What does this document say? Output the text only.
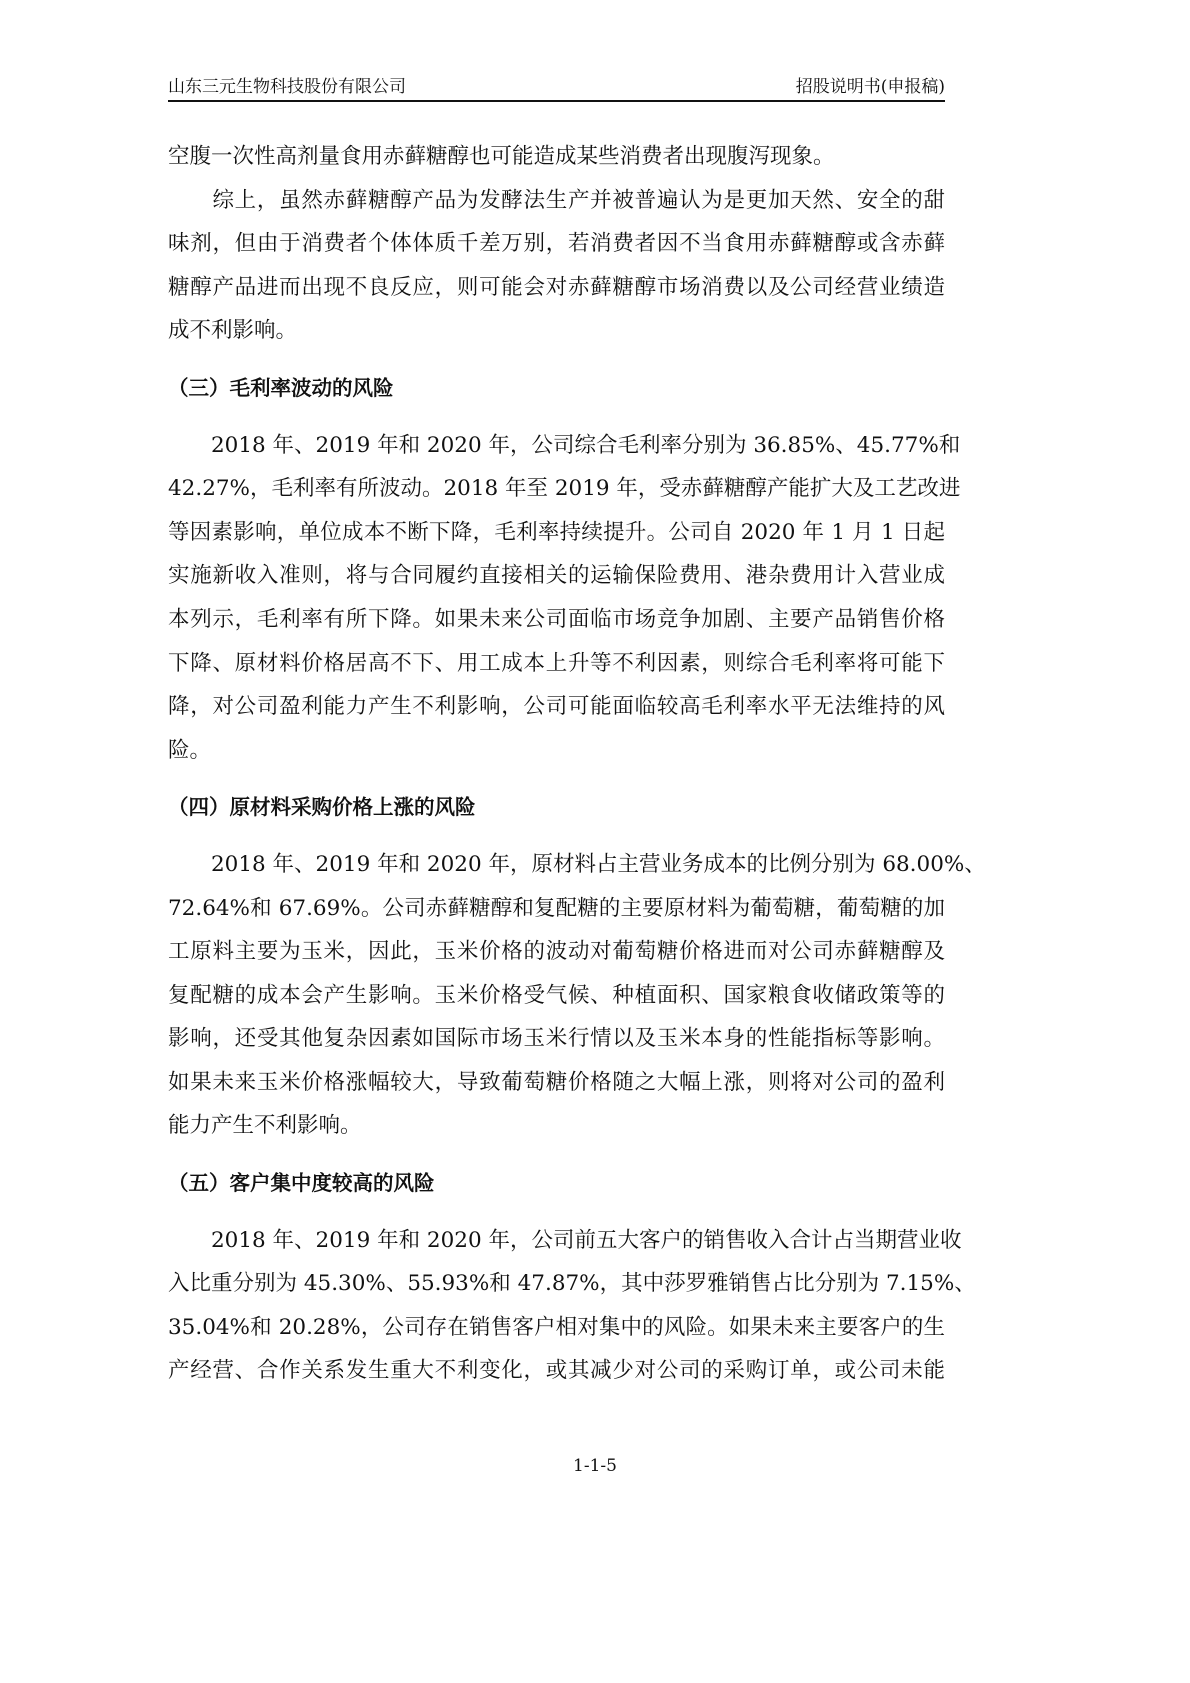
山东三元生物科技股份有限公司	招股说明书(申报稿)
空腹一次性高剂量食用赤藓糖醇也可能造成某些消费者出现腹泻现象。
　　综上，虽然赤藓糖醇产品为发酵法生产并被普遍认为是更加天然、安全的甜
味剂，但由于消费者个体体质千差万别，若消费者因不当食用赤藓糖醇或含赤藓
糖醇产品进而出现不良反应，则可能会对赤藓糖醇市场消费以及公司经营业绩造
成不利影响。
（三）毛利率波动的风险
　　2018 年、2019 年和 2020 年，公司综合毛利率分别为 36.85%、45.77%和
42.27%，毛利率有所波动。2018 年至 2019 年，受赤藓糖醇产能扩大及工艺改进
等因素影响，单位成本不断下降，毛利率持续提升。公司自 2020 年 1 月 1 日起
实施新收入准则，将与合同履约直接相关的运输保险费用、港杂费用计入营业成
本列示，毛利率有所下降。如果未来公司面临市场竞争加剧、主要产品销售价格
下降、原材料价格居高不下、用工成本上升等不利因素，则综合毛利率将可能下
降，对公司盈利能力产生不利影响，公司可能面临较高毛利率水平无法维持的风
险。
（四）原材料采购价格上涨的风险
　　2018 年、2019 年和 2020 年，原材料占主营业务成本的比例分别为 68.00%、
72.64%和 67.69%。公司赤藓糖醇和复配糖的主要原材料为葡萄糖，葡萄糖的加
工原料主要为玉米，因此，玉米价格的波动对葡萄糖价格进而对公司赤藓糖醇及
复配糖的成本会产生影响。玉米价格受气候、种植面积、国家粮食收储政策等的
影响，还受其他复杂因素如国际市场玉米行情以及玉米本身的性能指标等影响。
如果未来玉米价格涨幅较大，导致葡萄糖价格随之大幅上涨，则将对公司的盈利
能力产生不利影响。
（五）客户集中度较高的风险
　　2018 年、2019 年和 2020 年，公司前五大客户的销售收入合计占当期营业收
入比重分别为 45.30%、55.93%和 47.87%，其中莎罗雅销售占比分别为 7.15%、
35.04%和 20.28%，公司存在销售客户相对集中的风险。如果未来主要客户的生
产经营、合作关系发生重大不利变化，或其减少对公司的采购订单，或公司未能
1-1-5
